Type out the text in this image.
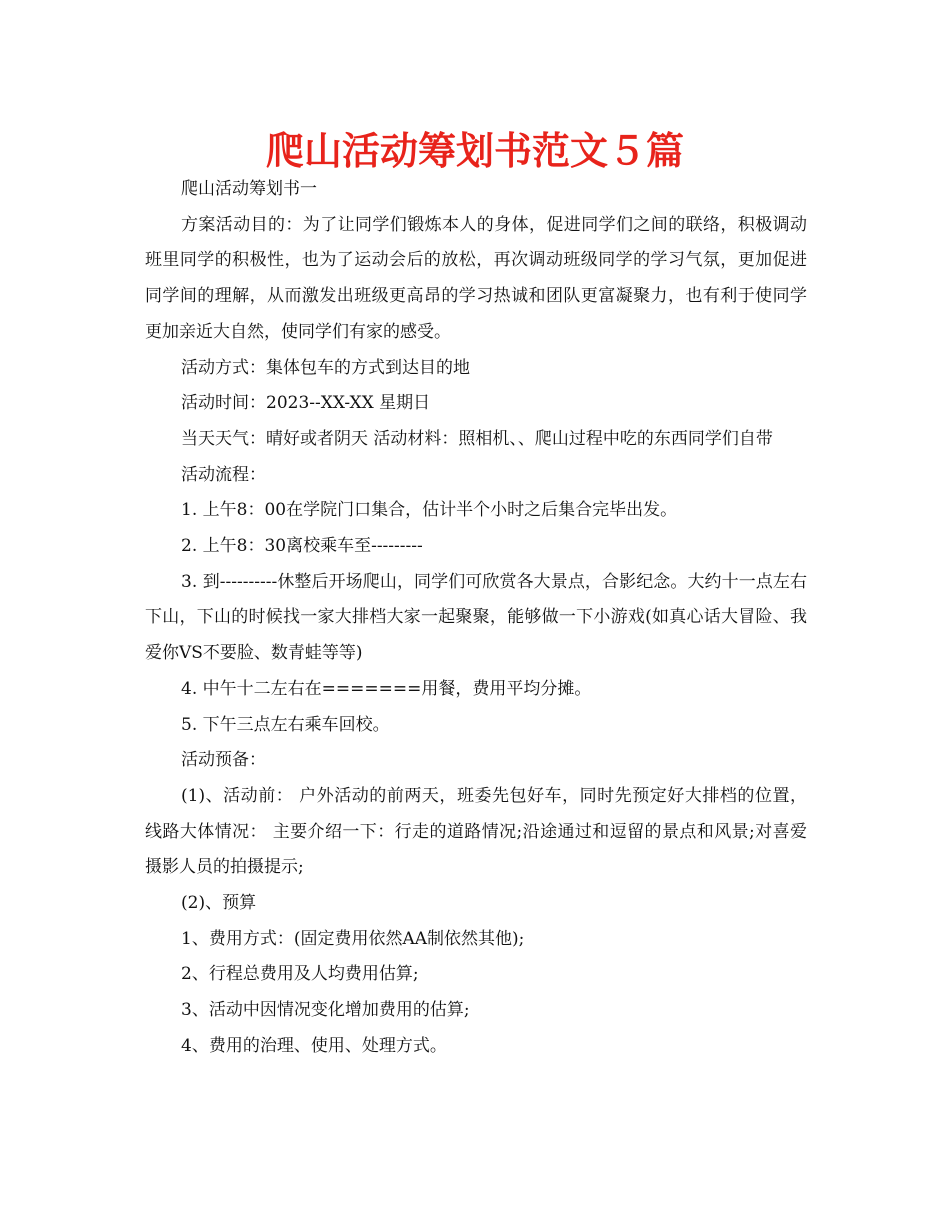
爬山活动筹划书范文５篇

爬山活动筹划书一

方案活动目的：为了让同学们锻炼本人的身体，促进同学们之间的联络，积极调动班里同学的积极性，也为了运动会后的放松，再次调动班级同学的学习气氛，更加促进同学间的理解，从而激发出班级更高昂的学习热诚和团队更富凝聚力，也有利于使同学更加亲近大自然，使同学们有家的感受。

活动方式：集体包车的方式到达目的地

活动时间：2023--XX-XX 星期日

当天天气：晴好或者阴天 活动材料：照相机、、爬山过程中吃的东西同学们自带

活动流程：

1. 上午8：00在学院门口集合，估计半个小时之后集合完毕出发。

2. 上午8：30离校乘车至---------

3. 到----------休整后开场爬山，同学们可欣赏各大景点，合影纪念。大约十一点左右下山，下山的时候找一家大排档大家一起聚聚，能够做一下小游戏(如真心话大冒险、我爱你VS不要脸、数青蛙等等)

4. 中午十二左右在=======用餐，费用平均分摊。

5. 下午三点左右乘车回校。

活动预备：

(1)、活动前： 户外活动的前两天，班委先包好车，同时先预定好大排档的位置， 线路大体情况： 主要介绍一下：行走的道路情况;沿途通过和逗留的景点和风景;对喜爱摄影人员的拍摄提示;

(2)、预算

1、费用方式：(固定费用依然AA制依然其他);

2、行程总费用及人均费用估算;

3、活动中因情况变化增加费用的估算;

4、费用的治理、使用、处理方式。
